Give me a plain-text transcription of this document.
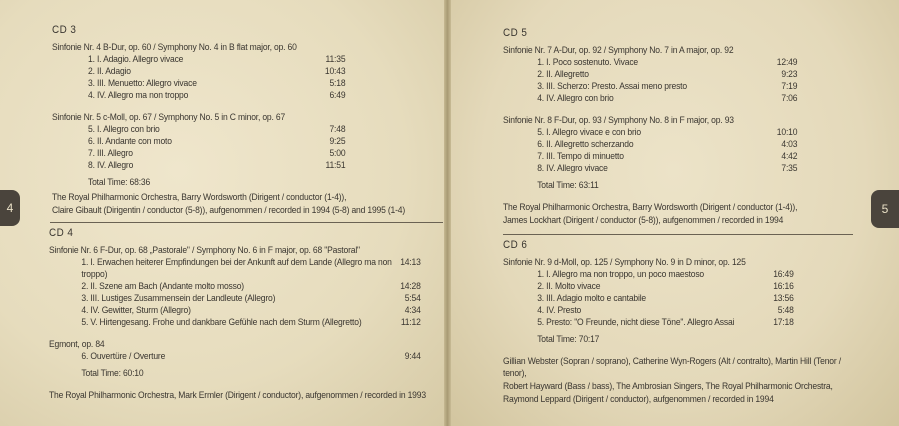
4	5
CD 3
Sinfonie Nr. 4 B-Dur, op. 60 / Symphony No. 4 in B flat major, op. 60
1. I. Adagio. Allegro vivace	11:35
2. II. Adagio	10:43
3. III. Menuetto: Allegro vivace	5:18
4. IV. Allegro ma non troppo	6:49
Sinfonie Nr. 5 c-Moll, op. 67 / Symphony No. 5 in C minor, op. 67
5. I. Allegro con brio	7:48
6. II. Andante con moto	9:25
7. III. Allegro	5:00
8. IV. Allegro	11:51
Total Time: 68:36
The Royal Philharmonic Orchestra, Barry Wordsworth (Dirigent / conductor (1-4)),
Claire Gibault (Dirigentin / conductor (5-8)), aufgenommen / recorded in 1994 (5-8) and 1995 (1-4)
CD 4
Sinfonie Nr. 6 F-Dur, op. 68 „Pastorale" / Symphony No. 6 in F major, op. 68 "Pastoral"
1. I. Erwachen heiterer Empfindungen bei der Ankunft auf dem Lande (Allegro ma non troppo)
14:13
2. II. Szene am Bach (Andante molto mosso)	14:28
3. III. Lustiges Zusammensein der Landleute (Allegro)	5:54
4. IV. Gewitter, Sturm (Allegro)	4:34
5. V. Hirtengesang. Frohe und dankbare Gefühle nach dem Sturm (Allegretto)	11:12
Egmont, op. 84
6. Ouvertüre / Overture	9:44
Total Time: 60:10
The Royal Philharmonic Orchestra, Mark Ermler (Dirigent / conductor), aufgenommen / recorded in 1993
CD 5
Sinfonie Nr. 7 A-Dur, op. 92 / Symphony No. 7 in A major, op. 92
1. I. Poco sostenuto. Vivace	12:49
2. II. Allegretto	9:23
3. III. Scherzo: Presto. Assai meno presto	7:19
4. IV. Allegro con brio	7:06
Sinfonie Nr. 8 F-Dur, op. 93 / Symphony No. 8 in F major, op. 93
5. I. Allegro vivace e con brio	10:10
6. II. Allegretto scherzando	4:03
7. III. Tempo di minuetto	4:42
8. IV. Allegro vivace	7:35
Total Time: 63:11
The Royal Philharmonic Orchestra, Barry Wordsworth (Dirigent / conductor (1-4)),
James Lockhart (Dirigent / conductor (5-8)), aufgenommen / recorded in 1994
CD 6
Sinfonie Nr. 9 d-Moll, op. 125 / Symphony No. 9 in D minor, op. 125
1. I. Allegro ma non troppo, un poco maestoso	16:49
2. II. Molto vivace	16:16
3. III. Adagio molto e cantabile	13:56
4. IV. Presto	5:48
5. Presto: "O Freunde, nicht diese Töne". Allegro Assai	17:18
Total Time: 70:17
Gillian Webster (Sopran / soprano), Catherine Wyn-Rogers (Alt / contralto), Martin Hill (Tenor / tenor),
Robert Hayward (Bass / bass), The Ambrosian Singers, The Royal Philharmonic Orchestra,
Raymond Leppard (Dirigent / conductor), aufgenommen / recorded in 1994
